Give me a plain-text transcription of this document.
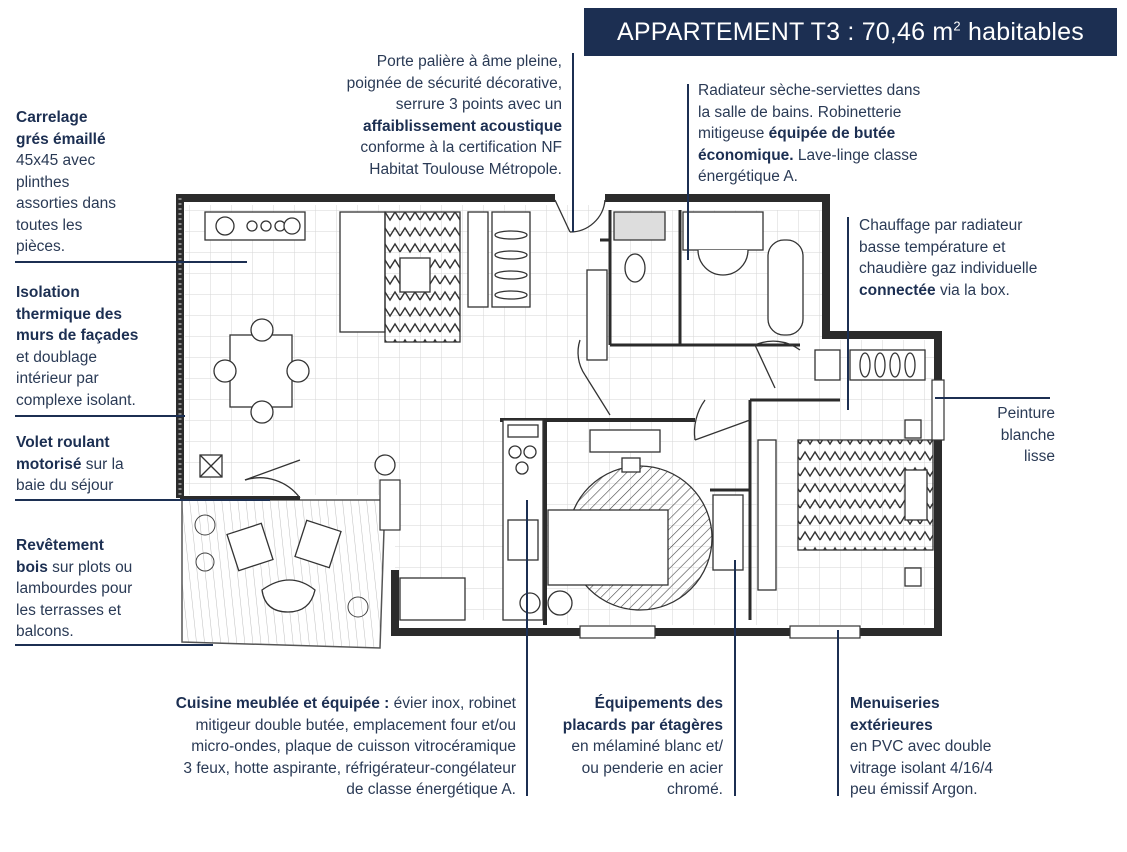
APPARTEMENT T3 : 70,46 $m^2$ habitables
Carrelage
grés émaillé
45x45 avec
plinthes
assorties dans
toutes les
pièces.
Isolation
thermique des
murs de façades
et doublage
intérieur par
complexe isolant.
Volet roulant
motorisé sur la
baie du séjour
Revêtement
bois sur plots ou
lambourdes pour
les terrasses et
balcons.
Porte palière à âme pleine,
poignée de sécurité décorative,
serrure 3 points avec un
affaiblissement acoustique
conforme à la certification NF
Habitat Toulouse Métropole.
Radiateur sèche-serviettes dans
la salle de bains. Robinetterie
mitigeuse équipée de butée
économique. Lave-linge classe
énergétique A.
Chauffage par radiateur
basse température et
chaudière gaz individuelle
connectée via la box.
Peinture
blanche
lisse
Cuisine meublée et équipée : évier inox, robinet
mitigeur double butée, emplacement four et/ou
micro-ondes, plaque de cuisson vitrocéramique
3 feux, hotte aspirante, réfrigérateur-congélateur
de classe énergétique A.
Équipements des
placards par étagères
en mélaminé blanc et/
ou penderie en acier
chromé.
Menuiseries
extérieures
en PVC avec double
vitrage isolant 4/16/4
peu émissif Argon.
